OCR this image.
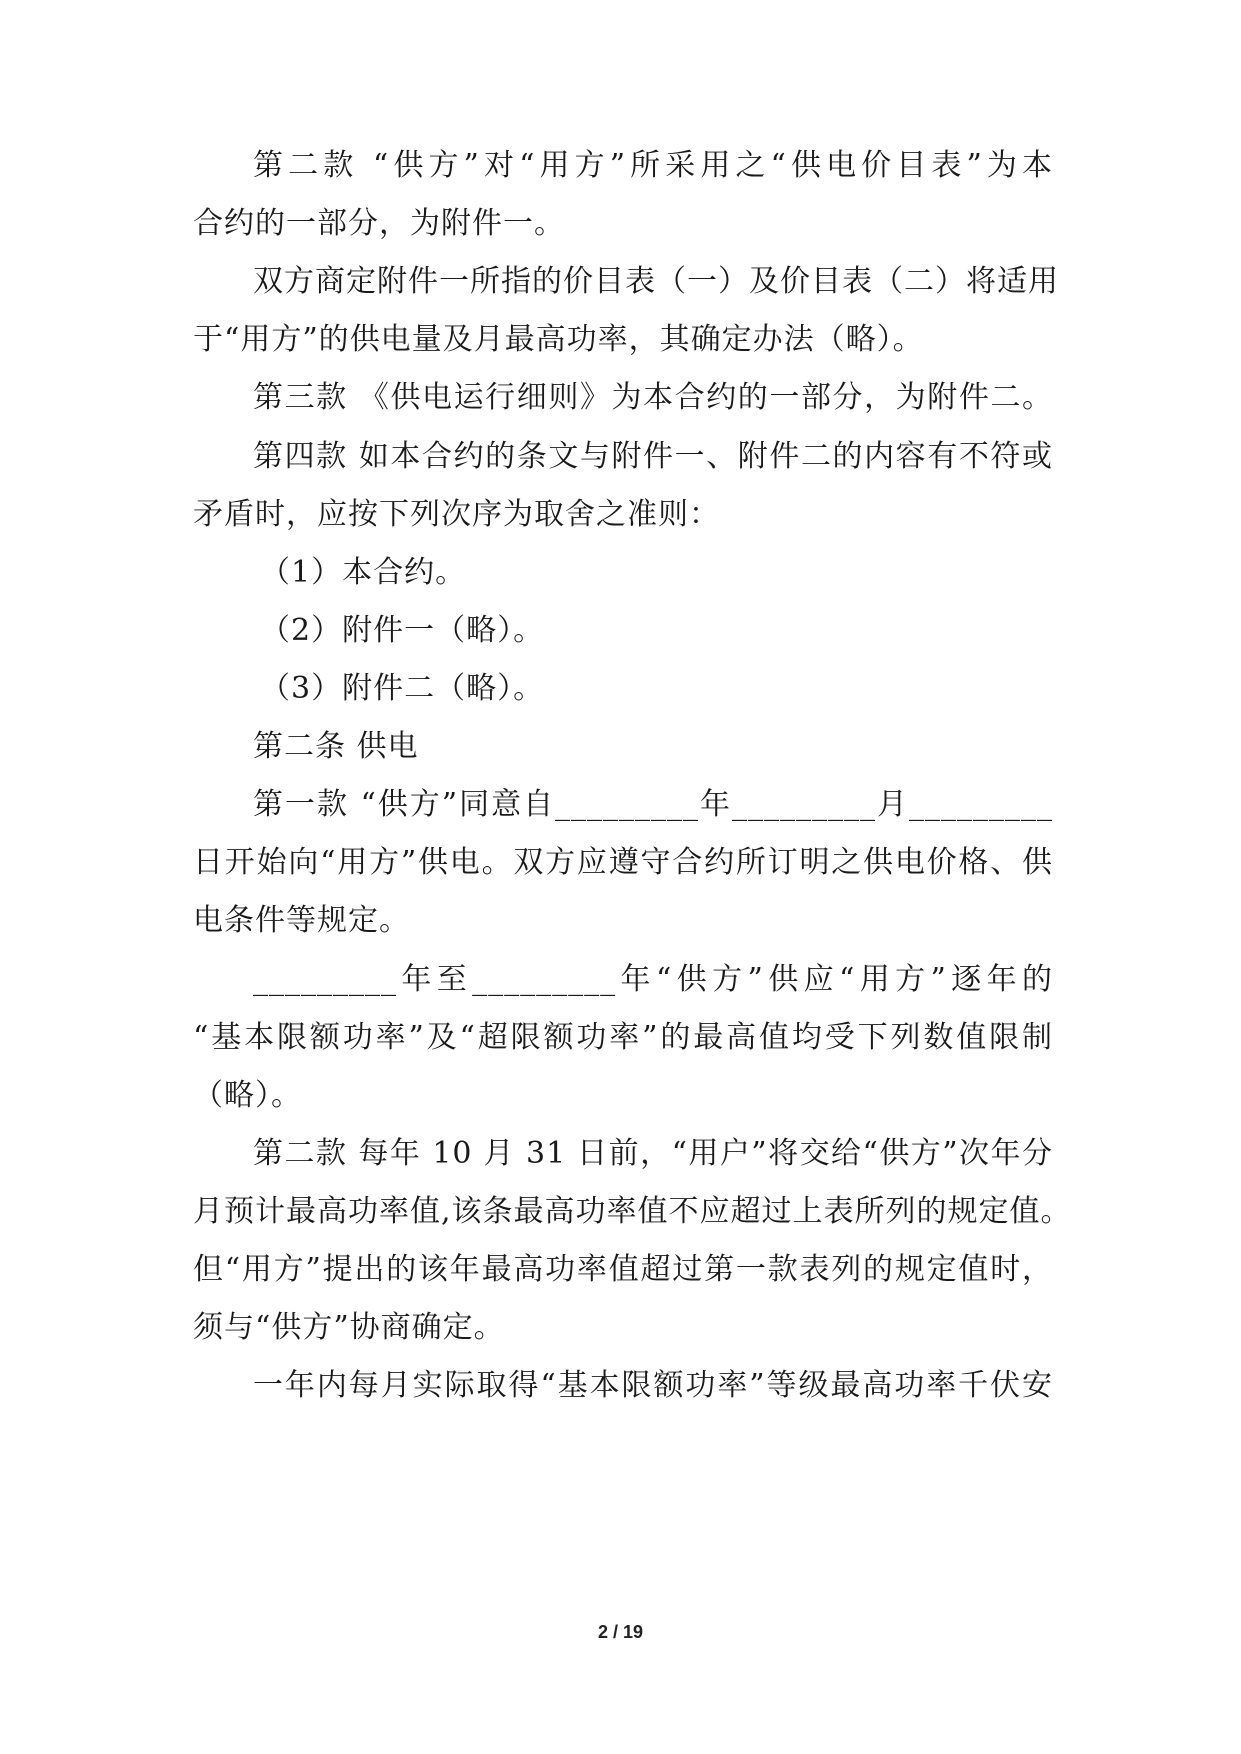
第二款 “供方”对“用方”所采用之“供电价目表”为本
合约的一部分，为附件一。
双方商定附件一所指的价目表（一）及价目表（二）将适用
于“用方”的供电量及月最高功率，其确定办法（略）。
第三款 《供电运行细则》为本合约的一部分，为附件二。
第四款 如本合约的条文与附件一、附件二的内容有不符或
矛盾时，应按下列次序为取舍之准则：
（1）本合约。
（2）附件一（略）。
（3）附件二（略）。
第二条 供电
第一款 “供方”同意自_________年_________月_________
日开始向“用方”供电。双方应遵守合约所订明之供电价格、供
电条件等规定。
_________年至_________年“供方”供应“用方”逐年的
“基本限额功率”及“超限额功率”的最高值均受下列数值限制
（略）。
第二款 每年 10 月 31 日前，“用户”将交给“供方”次年分
月预计最高功率值,该条最高功率值不应超过上表所列的规定值。
但“用方”提出的该年最高功率值超过第一款表列的规定值时，
须与“供方”协商确定。
一年内每月实际取得“基本限额功率”等级最高功率千伏安
2 / 19
